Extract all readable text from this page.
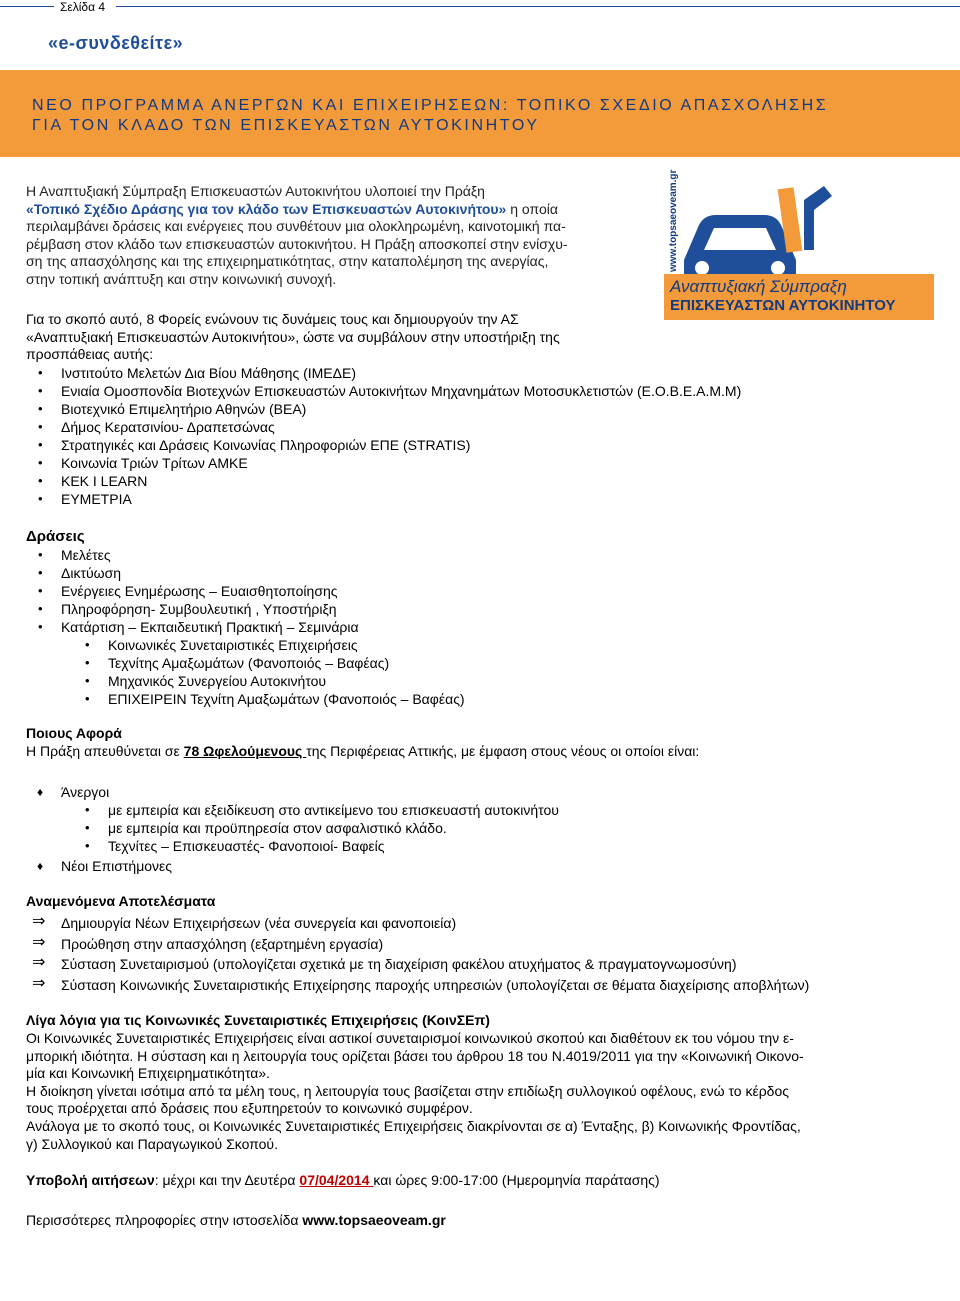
Σελίδα 4
«e-συνδεθείτε»
ΝΕΟ ΠΡΟΓΡΑΜΜΑ ΑΝΕΡΓΩΝ ΚΑΙ ΕΠΙΧΕΙΡΗΣΕΩΝ: ΤΟΠΙΚΟ ΣΧΕΔΙΟ ΑΠΑΣΧΟΛΗΣΗΣ
ΓΙΑ ΤΟΝ ΚΛΑΔΟ ΤΩΝ ΕΠΙΣΚΕΥΑΣΤΩΝ ΑΥΤΟΚΙΝΗΤΟΥ
Αναπτυξιακή Σύμπραξη
ΕΠΙΣΚΕΥΑΣΤΩΝ ΑΥΤΟΚΙΝΗΤΟΥ
www.topsaeoveam.gr
Η Αναπτυξιακή Σύμπραξη Επισκευαστών Αυτοκινήτου υλοποιεί την Πράξη
«Τοπικό Σχέδιο Δράσης για τον κλάδο των Επισκευαστών Αυτοκινήτου» η οποία
περιλαμβάνει δράσεις και ενέργειες που συνθέτουν μια ολοκληρωμένη, καινοτομική πα-
ρέμβαση στον κλάδο των επισκευαστών αυτοκινήτου. Η Πράξη αποσκοπεί στην ενίσχυ-
ση της απασχόλησης και της επιχειρηματικότητας, στην καταπολέμηση της ανεργίας,
στην τοπική ανάπτυξη και στην κοινωνική συνοχή.
Για το σκοπό αυτό, 8 Φορείς ενώνουν τις δυνάμεις τους και δημιουργούν την ΑΣ
«Αναπτυξιακή Επισκευαστών Αυτοκινήτου», ώστε να συμβάλουν στην υποστήριξη της
προσπάθειας αυτής:
• Ινστιτούτο Μελετών Δια Βίου Μάθησης (ΙΜΕΔΕ)
• Ενιαία Ομοσπονδία Βιοτεχνών Επισκευαστών Αυτοκινήτων Μηχανημάτων Μοτοσυκλετιστών (Ε.Ο.Β.Ε.Α.Μ.Μ)
• Βιοτεχνικό Επιμελητήριο Αθηνών (ΒΕΑ)
• Δήμος Κερατσινίου- Δραπετσώνας
• Στρατηγικές και Δράσεις Κοινωνίας Πληροφοριών ΕΠΕ (STRATIS)
• Κοινωνία Τριών Τρίτων ΑΜΚΕ
• ΚΕΚ Ι LEARN
• ΕΥΜΕΤΡΙΑ
Δράσεις
• Μελέτες
• Δικτύωση
• Ενέργειες Ενημέρωσης – Ευαισθητοποίησης
• Πληροφόρηση- Συμβουλευτική , Υποστήριξη
• Κατάρτιση – Εκπαιδευτική Πρακτική – Σεμινάρια
• Κοινωνικές Συνεταιριστικές Επιχειρήσεις
• Τεχνίτης Αμαξωμάτων (Φανοποιός – Βαφέας)
• Μηχανικός Συνεργείου Αυτοκινήτου
• ΕΠΙΧΕΙΡΕΙΝ Τεχνίτη Αμαξωμάτων (Φανοποιός – Βαφέας)
Ποιους Αφορά
Η Πράξη απευθύνεται σε 78 Ωφελούμενους της Περιφέρειας Αττικής, με έμφαση στους νέους οι οποίοι είναι:
♦ Άνεργοι
• με εμπειρία και εξειδίκευση στο αντικείμενο του επισκευαστή αυτοκινήτου
• με εμπειρία και προϋπηρεσία στον ασφαλιστικό κλάδο.
• Τεχνίτες – Επισκευαστές- Φανοποιοί- Βαφείς
♦ Νέοι Επιστήμονες
Αναμενόμενα Αποτελέσματα
⇒ Δημιουργία Νέων Επιχειρήσεων (νέα συνεργεία και φανοποιεία)
⇒ Προώθηση στην απασχόληση (εξαρτημένη εργασία)
⇒ Σύσταση Συνεταιρισμού (υπολογίζεται σχετικά με τη διαχείριση φακέλου ατυχήματος & πραγματογνωμοσύνη)
⇒ Σύσταση Κοινωνικής Συνεταιριστικής Επιχείρησης παροχής υπηρεσιών (υπολογίζεται σε θέματα διαχείρισης αποβλήτων)
Λίγα λόγια για τις Κοινωνικές Συνεταιριστικές Επιχειρήσεις (ΚοινΣΕπ)
Οι Κοινωνικές Συνεταιριστικές Επιχειρήσεις είναι αστικοί συνεταιρισμοί κοινωνικού σκοπού και διαθέτουν εκ του νόμου την ε-
μπορική ιδιότητα. Η σύσταση και η λειτουργία τους ορίζεται βάσει του άρθρου 18 του Ν.4019/2011 για την «Κοινωνική Οικονο-
μία και Κοινωνική Επιχειρηματικότητα».
Η διοίκηση γίνεται ισότιμα από τα μέλη τους, η λειτουργία τους βασίζεται στην επιδίωξη συλλογικού οφέλους, ενώ το κέρδος
τους προέρχεται από δράσεις που εξυπηρετούν το κοινωνικό συμφέρον.
Ανάλογα με το σκοπό τους, οι Κοινωνικές Συνεταιριστικές Επιχειρήσεις διακρίνονται σε α) Ένταξης, β) Κοινωνικής Φροντίδας,
γ) Συλλογικού και Παραγωγικού Σκοπού.
Υποβολή αιτήσεων: μέχρι και την Δευτέρα 07/04/2014 και ώρες 9:00-17:00 (Ημερομηνία παράτασης)
Περισσότερες πληροφορίες στην ιστοσελίδα www.topsaeoveam.gr
